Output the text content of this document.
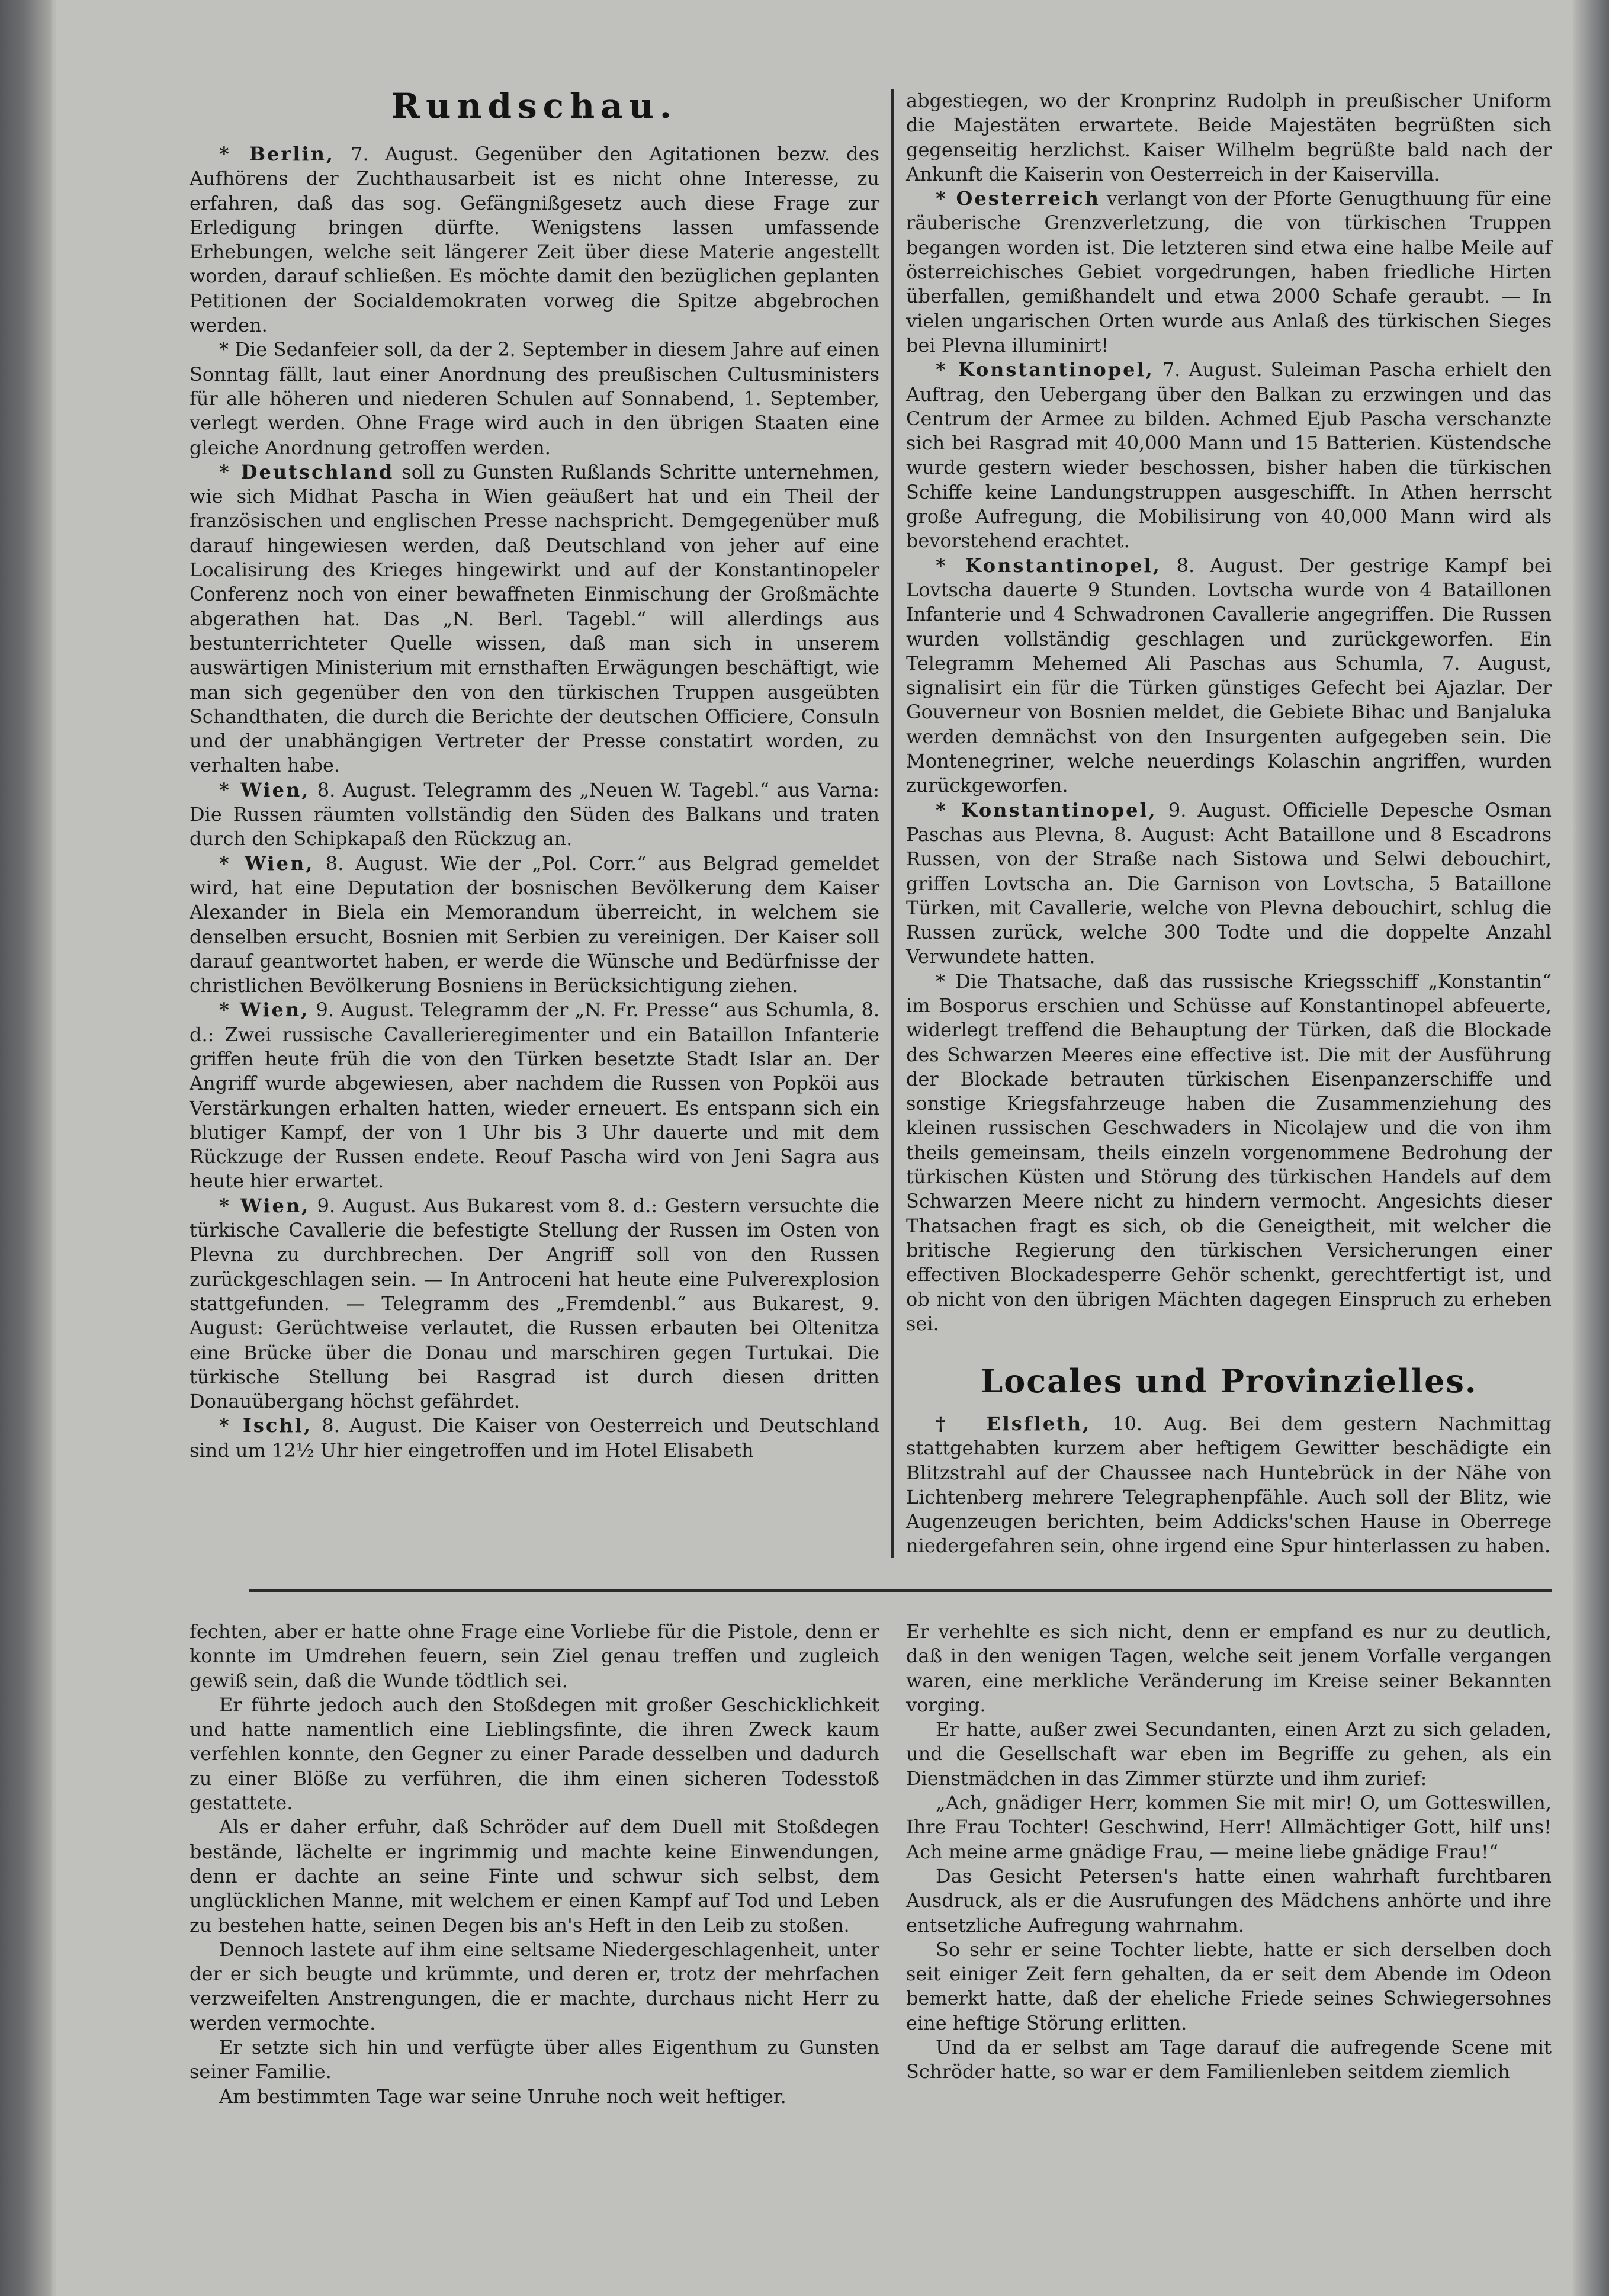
Rundschau.

* Berlin, 7. August. Gegenüber den Agitationen bezw. des Aufhörens der Zuchthausarbeit ist es nicht ohne Interesse, zu erfahren, daß das sog. Gefängnißgesetz auch diese Frage zur Erledigung bringen dürfte. Wenigstens lassen umfassende Erhebungen, welche seit längerer Zeit über diese Materie angestellt worden, darauf schließen. Es möchte damit den bezüglichen geplanten Petitionen der Socialdemokraten vorweg die Spitze abgebrochen werden.

* Die Sedanfeier soll, da der 2. September in diesem Jahre auf einen Sonntag fällt, laut einer Anordnung des preußischen Cultusministers für alle höheren und niederen Schulen auf Sonnabend, 1. September, verlegt werden. Ohne Frage wird auch in den übrigen Staaten eine gleiche Anordnung getroffen werden.

* Deutschland soll zu Gunsten Rußlands Schritte unternehmen, wie sich Midhat Pascha in Wien geäußert hat und ein Theil der französischen und englischen Presse nachspricht. Demgegenüber muß darauf hingewiesen werden, daß Deutschland von jeher auf eine Localisirung des Krieges hingewirkt und auf der Konstantinopeler Conferenz noch von einer bewaffneten Einmischung der Großmächte abgerathen hat. Das „N. Berl. Tagebl.“ will allerdings aus bestunterrichteter Quelle wissen, daß man sich in unserem auswärtigen Ministerium mit ernsthaften Erwägungen beschäftigt, wie man sich gegenüber den von den türkischen Truppen ausgeübten Schandthaten, die durch die Berichte der deutschen Officiere, Consuln und der unabhängigen Vertreter der Presse constatirt worden, zu verhalten habe.

* Wien, 8. August. Telegramm des „Neuen W. Tagebl.“ aus Varna: Die Russen räumten vollständig den Süden des Balkans und traten durch den Schipkapaß den Rückzug an.

* Wien, 8. August. Wie der „Pol. Corr.“ aus Belgrad gemeldet wird, hat eine Deputation der bosnischen Bevölkerung dem Kaiser Alexander in Biela ein Memorandum überreicht, in welchem sie denselben ersucht, Bosnien mit Serbien zu vereinigen. Der Kaiser soll darauf geantwortet haben, er werde die Wünsche und Bedürfnisse der christlichen Bevölkerung Bosniens in Berücksichtigung ziehen.

* Wien, 9. August. Telegramm der „N. Fr. Presse“ aus Schumla, 8. d.: Zwei russische Cavallerieregimenter und ein Bataillon Infanterie griffen heute früh die von den Türken besetzte Stadt Islar an. Der Angriff wurde abgewiesen, aber nachdem die Russen von Popköi aus Verstärkungen erhalten hatten, wieder erneuert. Es entspann sich ein blutiger Kampf, der von 1 Uhr bis 3 Uhr dauerte und mit dem Rückzuge der Russen endete. Reouf Pascha wird von Jeni Sagra aus heute hier erwartet.

* Wien, 9. August. Aus Bukarest vom 8. d.: Gestern versuchte die türkische Cavallerie die befestigte Stellung der Russen im Osten von Plevna zu durchbrechen. Der Angriff soll von den Russen zurückgeschlagen sein. — In Antroceni hat heute eine Pulverexplosion stattgefunden. — Telegramm des „Fremdenbl.“ aus Bukarest, 9. August: Gerüchtweise verlautet, die Russen erbauten bei Oltenitza eine Brücke über die Donau und marschiren gegen Turtukai. Die türkische Stellung bei Rasgrad ist durch diesen dritten Donauübergang höchst gefährdet.

* Ischl, 8. August. Die Kaiser von Oesterreich und Deutschland sind um 12½ Uhr hier eingetroffen und im Hotel Elisabeth

abgestiegen, wo der Kronprinz Rudolph in preußischer Uniform die Majestäten erwartete. Beide Majestäten begrüßten sich gegenseitig herzlichst. Kaiser Wilhelm begrüßte bald nach der Ankunft die Kaiserin von Oesterreich in der Kaiservilla.

* Oesterreich verlangt von der Pforte Genugthuung für eine räuberische Grenzverletzung, die von türkischen Truppen begangen worden ist. Die letzteren sind etwa eine halbe Meile auf österreichisches Gebiet vorgedrungen, haben friedliche Hirten überfallen, gemißhandelt und etwa 2000 Schafe geraubt. — In vielen ungarischen Orten wurde aus Anlaß des türkischen Sieges bei Plevna illuminirt!

* Konstantinopel, 7. August. Suleiman Pascha erhielt den Auftrag, den Uebergang über den Balkan zu erzwingen und das Centrum der Armee zu bilden. Achmed Ejub Pascha verschanzte sich bei Rasgrad mit 40,000 Mann und 15 Batterien. Küstendsche wurde gestern wieder beschossen, bisher haben die türkischen Schiffe keine Landungstruppen ausgeschifft. In Athen herrscht große Aufregung, die Mobilisirung von 40,000 Mann wird als bevorstehend erachtet.

* Konstantinopel, 8. August. Der gestrige Kampf bei Lovtscha dauerte 9 Stunden. Lovtscha wurde von 4 Bataillonen Infanterie und 4 Schwadronen Cavallerie angegriffen. Die Russen wurden vollständig geschlagen und zurückgeworfen. Ein Telegramm Mehemed Ali Paschas aus Schumla, 7. August, signalisirt ein für die Türken günstiges Gefecht bei Ajazlar. Der Gouverneur von Bosnien meldet, die Gebiete Bihac und Banjaluka werden demnächst von den Insurgenten aufgegeben sein. Die Montenegriner, welche neuerdings Kolaschin angriffen, wurden zurückgeworfen.

* Konstantinopel, 9. August. Officielle Depesche Osman Paschas aus Plevna, 8. August: Acht Bataillone und 8 Escadrons Russen, von der Straße nach Sistowa und Selwi debouchirt, griffen Lovtscha an. Die Garnison von Lovtscha, 5 Bataillone Türken, mit Cavallerie, welche von Plevna debouchirt, schlug die Russen zurück, welche 300 Todte und die doppelte Anzahl Verwundete hatten.

* Die Thatsache, daß das russische Kriegsschiff „Konstantin“ im Bosporus erschien und Schüsse auf Konstantinopel abfeuerte, widerlegt treffend die Behauptung der Türken, daß die Blockade des Schwarzen Meeres eine effective ist. Die mit der Ausführung der Blockade betrauten türkischen Eisenpanzerschiffe und sonstige Kriegsfahrzeuge haben die Zusammenziehung des kleinen russischen Geschwaders in Nicolajew und die von ihm theils gemeinsam, theils einzeln vorgenommene Bedrohung der türkischen Küsten und Störung des türkischen Handels auf dem Schwarzen Meere nicht zu hindern vermocht. Angesichts dieser Thatsachen fragt es sich, ob die Geneigtheit, mit welcher die britische Regierung den türkischen Versicherungen einer effectiven Blockadesperre Gehör schenkt, gerechtfertigt ist, und ob nicht von den übrigen Mächten dagegen Einspruch zu erheben sei.

Locales und Provinzielles.

† Elsfleth, 10. Aug. Bei dem gestern Nachmittag stattgehabten kurzem aber heftigem Gewitter beschädigte ein Blitzstrahl auf der Chaussee nach Huntebrück in der Nähe von Lichtenberg mehrere Telegraphenpfähle. Auch soll der Blitz, wie Augenzeugen berichten, beim Addicks'schen Hause in Oberrege niedergefahren sein, ohne irgend eine Spur hinterlassen zu haben.

fechten, aber er hatte ohne Frage eine Vorliebe für die Pistole, denn er konnte im Umdrehen feuern, sein Ziel genau treffen und zugleich gewiß sein, daß die Wunde tödtlich sei.

Er führte jedoch auch den Stoßdegen mit großer Geschicklichkeit und hatte namentlich eine Lieblingsfinte, die ihren Zweck kaum verfehlen konnte, den Gegner zu einer Parade desselben und dadurch zu einer Blöße zu verführen, die ihm einen sicheren Todesstoß gestattete.

Als er daher erfuhr, daß Schröder auf dem Duell mit Stoßdegen bestände, lächelte er ingrimmig und machte keine Einwendungen, denn er dachte an seine Finte und schwur sich selbst, dem unglücklichen Manne, mit welchem er einen Kampf auf Tod und Leben zu bestehen hatte, seinen Degen bis an's Heft in den Leib zu stoßen.

Dennoch lastete auf ihm eine seltsame Niedergeschlagenheit, unter der er sich beugte und krümmte, und deren er, trotz der mehrfachen verzweifelten Anstrengungen, die er machte, durchaus nicht Herr zu werden vermochte.

Er setzte sich hin und verfügte über alles Eigenthum zu Gunsten seiner Familie.

Am bestimmten Tage war seine Unruhe noch weit heftiger.

Er verhehlte es sich nicht, denn er empfand es nur zu deutlich, daß in den wenigen Tagen, welche seit jenem Vorfalle vergangen waren, eine merkliche Veränderung im Kreise seiner Bekannten vorging.

Er hatte, außer zwei Secundanten, einen Arzt zu sich geladen, und die Gesellschaft war eben im Begriffe zu gehen, als ein Dienstmädchen in das Zimmer stürzte und ihm zurief:

„Ach, gnädiger Herr, kommen Sie mit mir! O, um Gotteswillen, Ihre Frau Tochter! Geschwind, Herr! Allmächtiger Gott, hilf uns! Ach meine arme gnädige Frau, — meine liebe gnädige Frau!“

Das Gesicht Petersen's hatte einen wahrhaft furchtbaren Ausdruck, als er die Ausrufungen des Mädchens anhörte und ihre entsetzliche Aufregung wahrnahm.

So sehr er seine Tochter liebte, hatte er sich derselben doch seit einiger Zeit fern gehalten, da er seit dem Abende im Odeon bemerkt hatte, daß der eheliche Friede seines Schwiegersohnes eine heftige Störung erlitten.

Und da er selbst am Tage darauf die aufregende Scene mit Schröder hatte, so war er dem Familienleben seitdem ziemlich
